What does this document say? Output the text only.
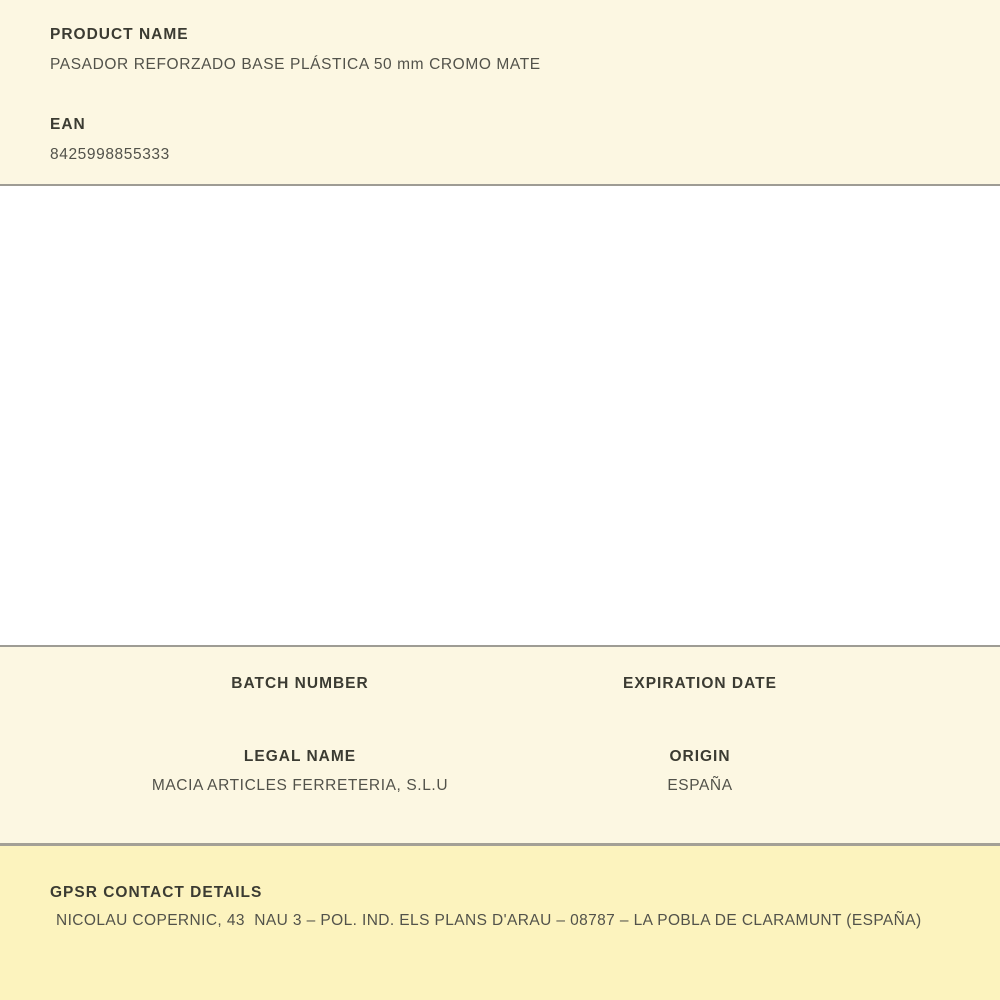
PRODUCT NAME
PASADOR REFORZADO BASE PLÁSTICA 50 mm CROMO MATE
EAN
8425998855333
BATCH NUMBER	EXPIRATION DATE
LEGAL NAME
MACIA ARTICLES FERRETERIA, S.L.U
ORIGIN
ESPAÑA
GPSR CONTACT DETAILS
NICOLAU COPERNIC, 43  NAU 3 – POL. IND. ELS PLANS D'ARAU – 08787 – LA POBLA DE CLARAMUNT (ESPAÑA)
